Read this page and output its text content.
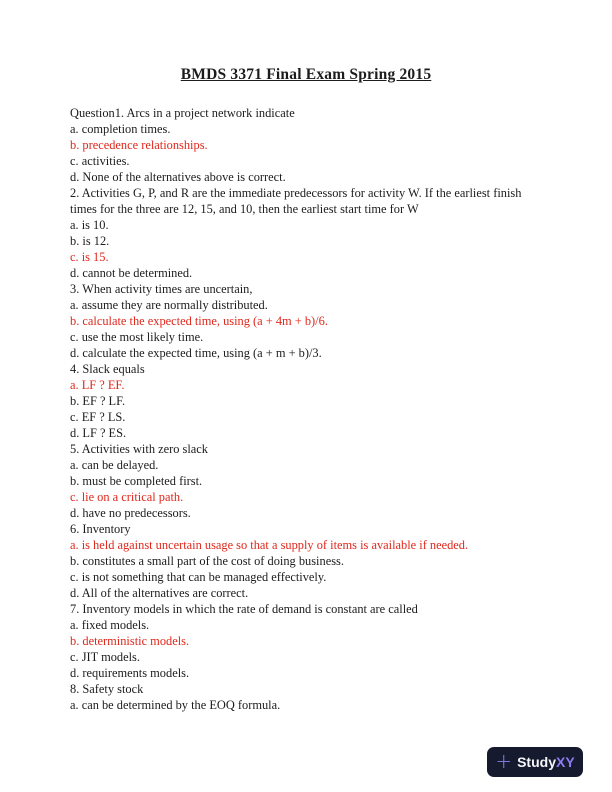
BMDS 3371 Final Exam Spring 2015
Question1. Arcs in a project network indicate
a. completion times.
b. precedence relationships.
c. activities.
d. None of the alternatives above is correct.
2. Activities G, P, and R are the immediate predecessors for activity W. If the earliest finish
times for the three are 12, 15, and 10, then the earliest start time for W
a. is 10.
b. is 12.
c. is 15.
d. cannot be determined.
3. When activity times are uncertain,
a. assume they are normally distributed.
b. calculate the expected time, using (a + 4m + b)/6.
c. use the most likely time.
d. calculate the expected time, using (a + m + b)/3.
4. Slack equals
a. LF ? EF.
b. EF ? LF.
c. EF ? LS.
d. LF ? ES.
5. Activities with zero slack
a. can be delayed.
b. must be completed first.
c. lie on a critical path.
d. have no predecessors.
6. Inventory
a. is held against uncertain usage so that a supply of items is available if needed.
b. constitutes a small part of the cost of doing business.
c. is not something that can be managed effectively.
d. All of the alternatives are correct.
7. Inventory models in which the rate of demand is constant are called
a. fixed models.
b. deterministic models.
c. JIT models.
d. requirements models.
8. Safety stock
a. can be determined by the EOQ formula.
+ StudyXY
